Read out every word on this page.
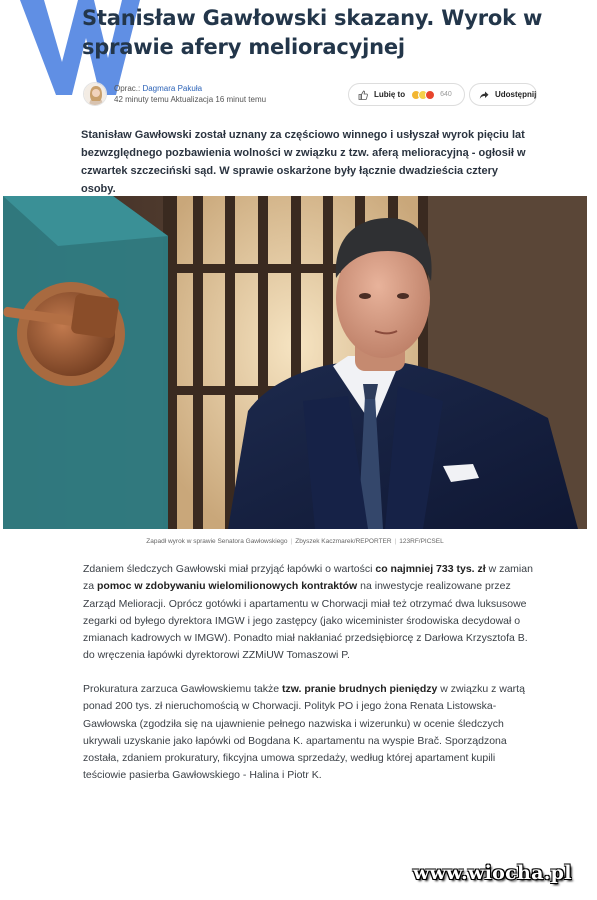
Stanisław Gawłowski skazany. Wyrok w sprawie afery melioracyjnej
Oprac.: Dagmara Pakuła
42 minuty temu Aktualizacja 16 minut temu
Lubię to	640	Udostępnij

Stanisław Gawłowski został uznany za częściowo winnego i usłyszał wyrok pięciu lat bezwzględnego pozbawienia wolności w związku z tzw. aferą melioracyjną - ogłosił w czwartek szczeciński sąd. W sprawie oskarżone były łącznie dwadzieścia cztery osoby.

Zapadł wyrok w sprawie Senatora Gawłowskiego | Zbyszek Kaczmarek/REPORTER | 123RF/PICSEL

Zdaniem śledczych Gawłowski miał przyjąć łapówki o wartości co najmniej 733 tys. zł w zamian za pomoc w zdobywaniu wielomilionowych kontraktów na inwestycje realizowane przez Zarząd Melioracji. Oprócz gotówki i apartamentu w Chorwacji miał też otrzymać dwa luksusowe zegarki od byłego dyrektora IMGW i jego zastępcy (jako wiceminister środowiska decydował o zmianach kadrowych w IMGW). Ponadto miał nakłaniać przedsiębiorcę z Darłowa Krzysztofa B. do wręczenia łapówki dyrektorowi ZZMiUW Tomaszowi P.

Prokuratura zarzuca Gawłowskiemu także tzw. pranie brudnych pieniędzy w związku z wartą ponad 200 tys. zł nieruchomością w Chorwacji. Polityk PO i jego żona Renata Listowska-Gawłowska (zgodziła się na ujawnienie pełnego nazwiska i wizerunku) w ocenie śledczych ukrywali uzyskanie jako łapówki od Bogdana K. apartamentu na wyspie Brač. Sporządzona została, zdaniem prokuratury, fikcyjna umowa sprzedaży, według której apartament kupili teściowie pasierba Gawłowskiego - Halina i Piotr K.

www.wiocha.pl
